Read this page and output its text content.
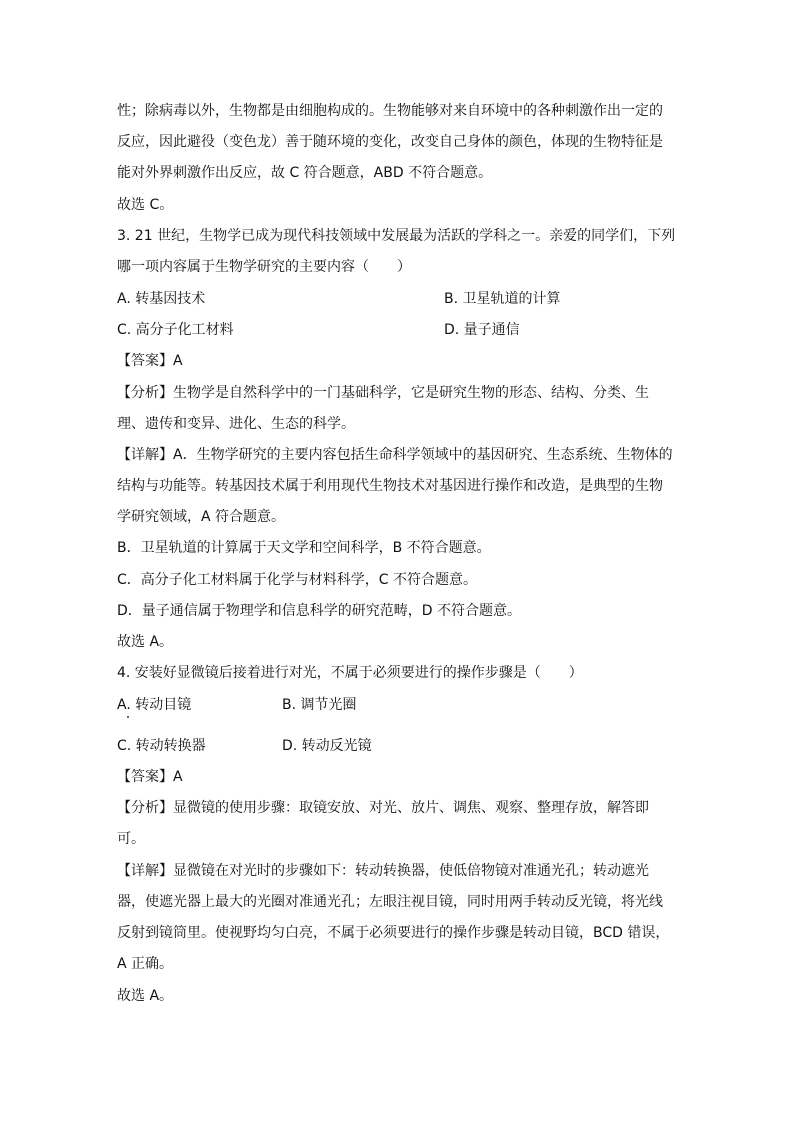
性；除病毒以外，生物都是由细胞构成的。生物能够对来自环境中的各种刺激作出一定的
反应，因此避役（变色龙）善于随环境的变化，改变自己身体的颜色，体现的生物特征是
能对外界刺激作出反应，故 C 符合题意，ABD 不符合题意。
故选 C。
3. 21 世纪，生物学已成为现代科技领域中发展最为活跃的学科之一。亲爱的同学们，下列
哪一项内容属于生物学研究的主要内容（　　）
A. 转基因技术	B. 卫星轨道的计算
C. 高分子化工材料	D. 量子通信
【答案】A
【分析】生物学是自然科学中的一门基础科学，它是研究生物的形态、结构、分类、生
理、遗传和变异、进化、生态的科学。
【详解】A．生物学研究的主要内容包括生命科学领域中的基因研究、生态系统、生物体的
结构与功能等。转基因技术属于利用现代生物技术对基因进行操作和改造，是典型的生物
学研究领域，A 符合题意。
B．卫星轨道的计算属于天文学和空间科学，B 不符合题意。
C．高分子化工材料属于化学与材料科学，C 不符合题意。
D．量子通信属于物理学和信息科学的研究范畴，D 不符合题意。
故选 A。
4. 安装好显微镜后接着进行对光，不属于必须要进行的操作步骤是（　　）
A. 转动目镜	B. 调节光圈
C. 转动转换器	D. 转动反光镜
【答案】A
【分析】显微镜的使用步骤：取镜安放、对光、放片、调焦、观察、整理存放，解答即
可。
【详解】显微镜在对光时的步骤如下：转动转换器，使低倍物镜对准通光孔；转动遮光
器，使遮光器上最大的光圈对准通光孔；左眼注视目镜，同时用两手转动反光镜，将光线
反射到镜筒里。使视野均匀白亮，不属于必须要进行的操作步骤是转动目镜，BCD 错误，
A 正确。
故选 A。
